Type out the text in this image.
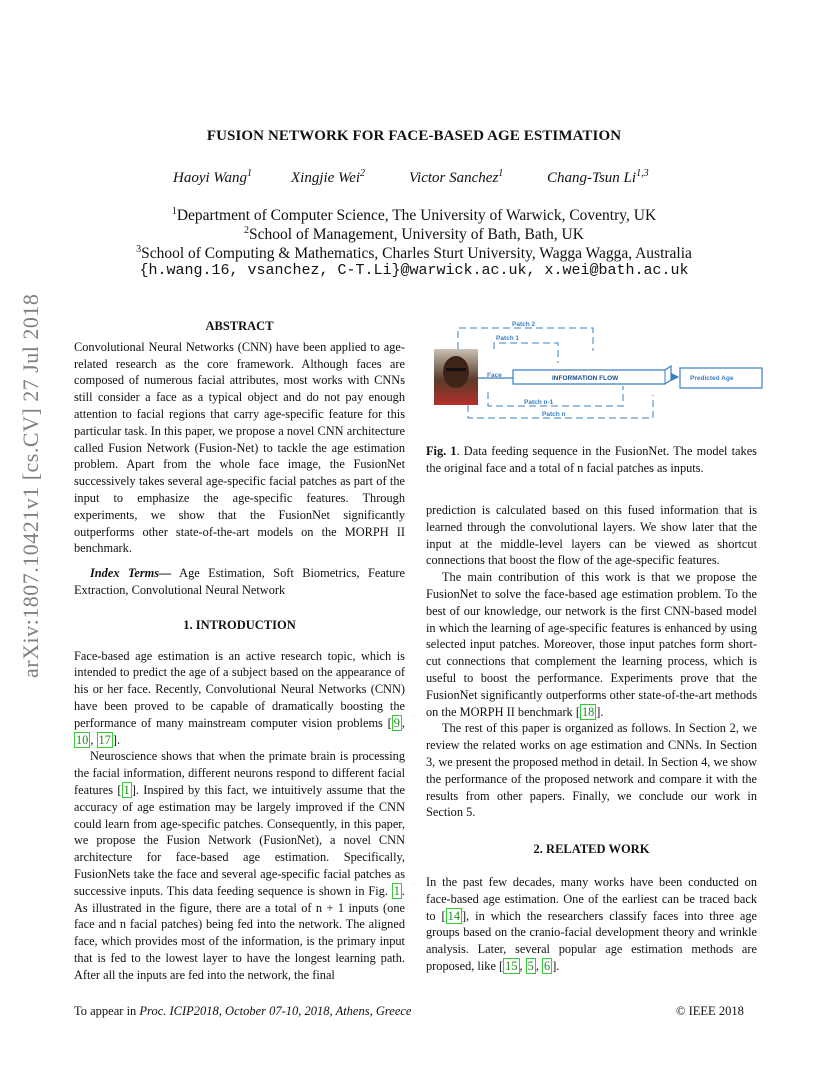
FUSION NETWORK FOR FACE-BASED AGE ESTIMATION
Haoyi Wang$^1$	Xingjie Wei$^2$	Victor Sanchez$^1$	Chang-Tsun Li$^{1,3}$
$^1$Department of Computer Science, The University of Warwick, Coventry, UK
$^2$School of Management, University of Bath, Bath, UK
$^3$School of Computing & Mathematics, Charles Sturt University, Wagga Wagga, Australia
{h.wang.16, vsanchez, C-T.Li}@warwick.ac.uk, x.wei@bath.ac.uk
arXiv:1807.10421v1 [cs.CV] 27 Jul 2018	ABSTRACT

Convolutional Neural Networks (CNN) have been applied to age-related research as the core framework. Although faces are composed of numerous facial attributes, most works with CNNs still consider a face as a typical object and do not pay enough attention to facial regions that carry age-specific feature for this particular task. In this paper, we propose a novel CNN architecture called Fusion Network (Fusion-Net) to tackle the age estimation problem. Apart from the whole face image, the FusionNet successively takes several age-specific facial patches as part of the input to emphasize the age-specific features. Through experiments, we show that the FusionNet significantly outperforms other state-of-the-art models on the MORPH II benchmark.

Index Terms— Age Estimation, Soft Biometrics, Feature Extraction, Convolutional Neural Network

1. INTRODUCTION

Face-based age estimation is an active research topic, which is intended to predict the age of a subject based on the appearance of his or her face. Recently, Convolutional Neural Networks (CNN) have been proved to be capable of dramatically boosting the performance of many mainstream computer vision problems [ 9 , 10 , 17 ].

Neuroscience shows that when the primate brain is processing the facial information, different neurons respond to different facial features [ 1 ]. Inspired by this fact, we intuitively assume that the accuracy of age estimation may be largely improved if the CNN could learn from age-specific patches. Consequently, in this paper, we propose the Fusion Network (FusionNet), a novel CNN architecture for face-based age estimation. Specifically, FusionNets take the face and several age-specific facial patches as successive inputs. This data feeding sequence is shown in Fig. 1 . As illustrated in the figure, there are a total of n + 1 inputs (one face and n facial patches) being fed into the network. The aligned face, which provides most of the information, is the primary input that is fed to the lowest layer to have the longest learning path. After all the inputs are fed into the network, the final

Patch 2
Patch 1
Face	INFORMATION FLOW	Predicted Age
Patch n-1
Patch n
Fig. 1. Data feeding sequence in the FusionNet. The model takes the original face and a total of n facial patches as inputs.

prediction is calculated based on this fused information that is learned through the convolutional layers. We show later that the input at the middle-level layers can be viewed as shortcut connections that boost the flow of the age-specific features.

The main contribution of this work is that we propose the FusionNet to solve the face-based age estimation problem. To the best of our knowledge, our network is the first CNN-based model in which the learning of age-specific features is enhanced by using selected input patches. Moreover, those input patches form short-cut connections that complement the learning process, which is useful to boost the performance. Experiments prove that the FusionNet significantly outperforms other state-of-the-art methods on the MORPH II benchmark [ 18 ].

The rest of this paper is organized as follows. In Section 2, we review the related works on age estimation and CNNs. In Section 3, we present the proposed method in detail. In Section 4, we show the performance of the proposed network and compare it with the results from other papers. Finally, we conclude our work in Section 5.

2. RELATED WORK

In the past few decades, many works have been conducted on face-based age estimation. One of the earliest can be traced back to [ 14 ], in which the researchers classify faces into three age groups based on the cranio-facial development theory and wrinkle analysis. Later, several popular age estimation methods are proposed, like [ 15 , 5 , 6 ].

To appear in Proc. ICIP2018, October 07-10, 2018, Athens, Greece	© IEEE 2018
